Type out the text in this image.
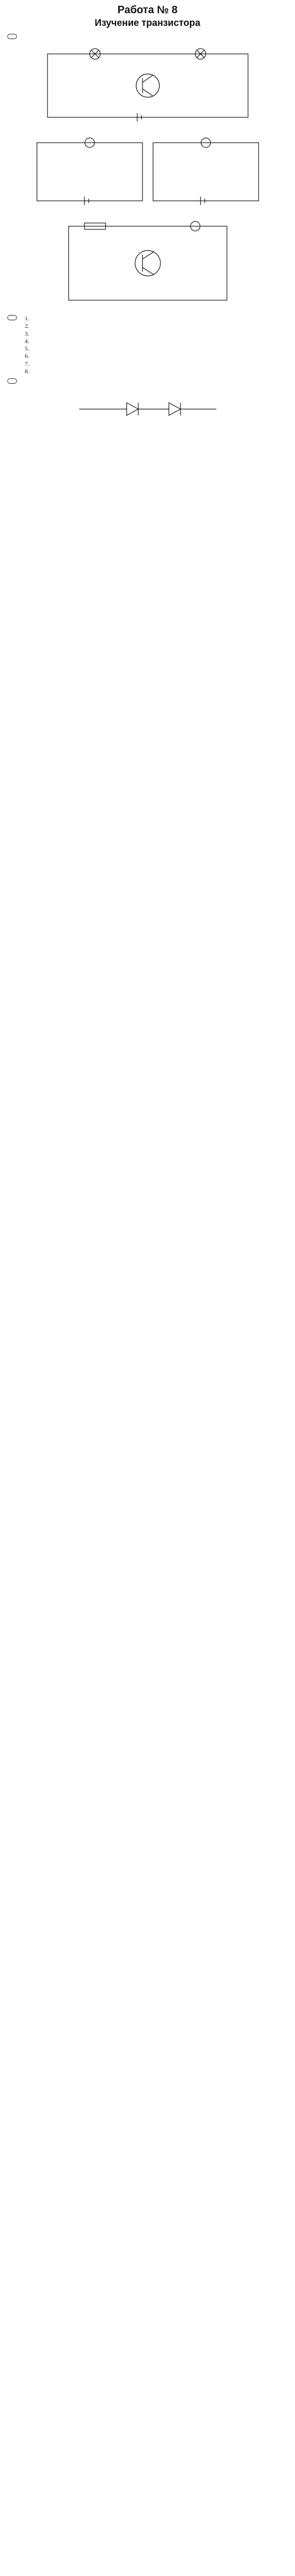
Работа № 8
Изучение транзистора

1.
2.
3.
4.
5.
6.
7.
8.
